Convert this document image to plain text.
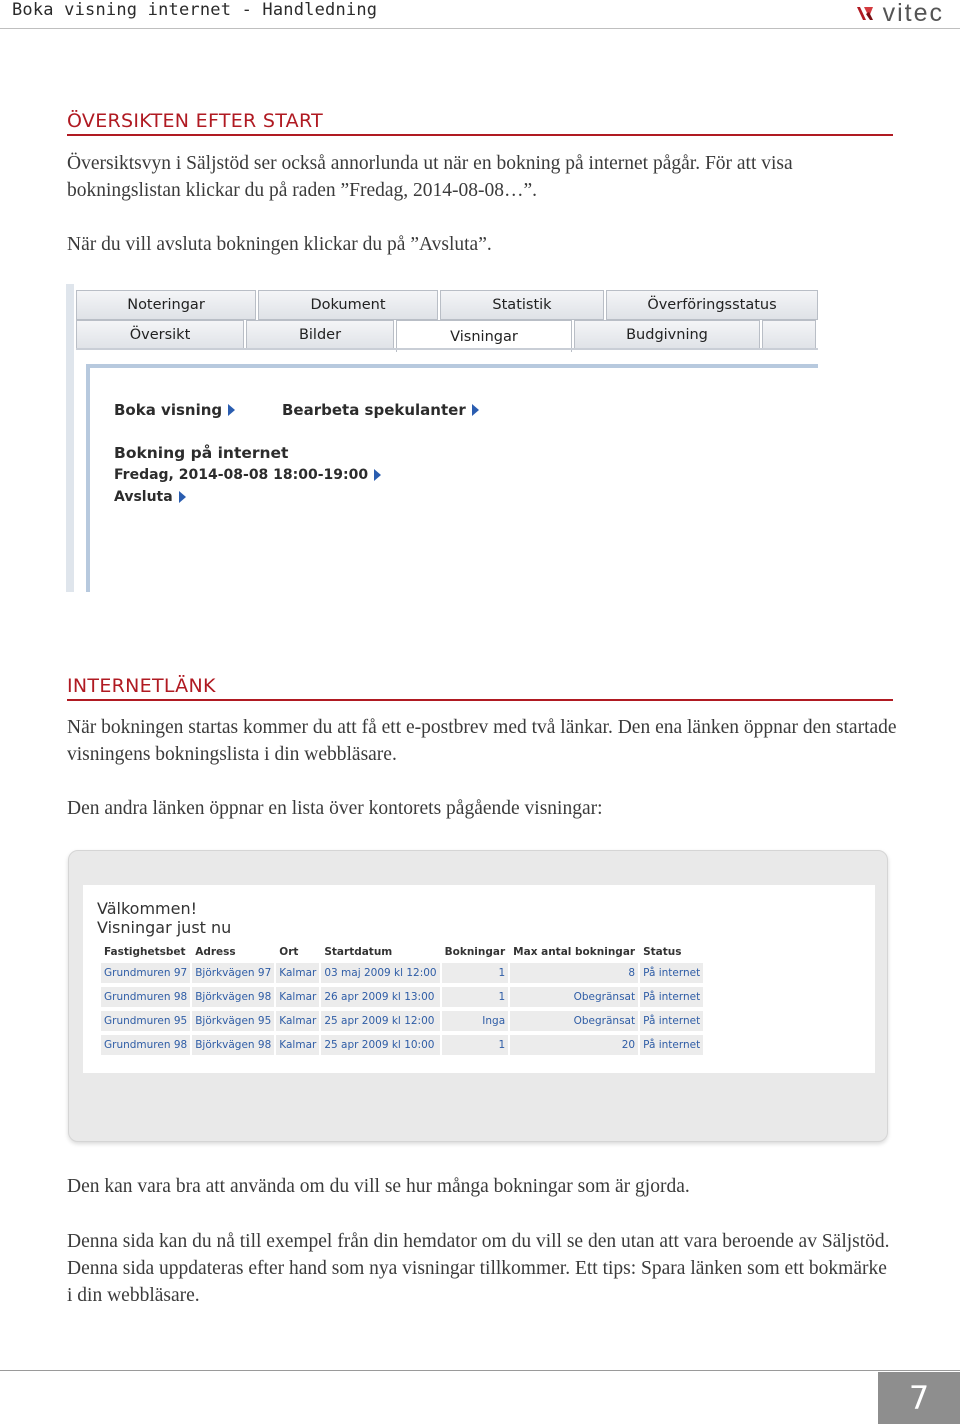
Boka visning internet - Handledning	vitec
ÖVERSIKTEN EFTER START

Översiktsvyn i Säljstöd ser också annorlunda ut när en bokning på internet pågår. För att visa bokningslistan klickar du på raden ”Fredag, 2014-08-08…”.

När du vill avsluta bokningen klickar du på ”Avsluta”.

Noteringar	Dokument	Statistik	Överföringsstatus
Översikt	Bilder	Visningar	Budgivning
Boka visning	Bearbeta spekulanter
Bokning på internet
Fredag, 2014-08-08 18:00-19:00
Avsluta
INTERNETLÄNK

När bokningen startas kommer du att få ett e-postbrev med två länkar. Den ena länken öppnar den startade visningens bokningslista i din webbläsare.

Den andra länken öppnar en lista över kontorets pågående visningar:

Välkommen!
Visningar just nu
Fastighetsbet	Adress	Ort	Startdatum	Bokningar	Max antal bokningar	Status
Grundmuren 97	Björkvägen 97	Kalmar	03 maj 2009 kl 12:00	1	8	På internet
Grundmuren 98	Björkvägen 98	Kalmar	26 apr 2009 kl 13:00	1	Obegränsat	På internet
Grundmuren 95	Björkvägen 95	Kalmar	25 apr 2009 kl 12:00	Inga	Obegränsat	På internet
Grundmuren 98	Björkvägen 98	Kalmar	25 apr 2009 kl 10:00	1	20	På internet

Den kan vara bra att använda om du vill se hur många bokningar som är gjorda.

Denna sida kan du nå till exempel från din hemdator om du vill se den utan att vara beroende av Säljstöd. Denna sida uppdateras efter hand som nya visningar tillkommer. Ett tips: Spara länken som ett bokmärke i din webbläsare.

7
